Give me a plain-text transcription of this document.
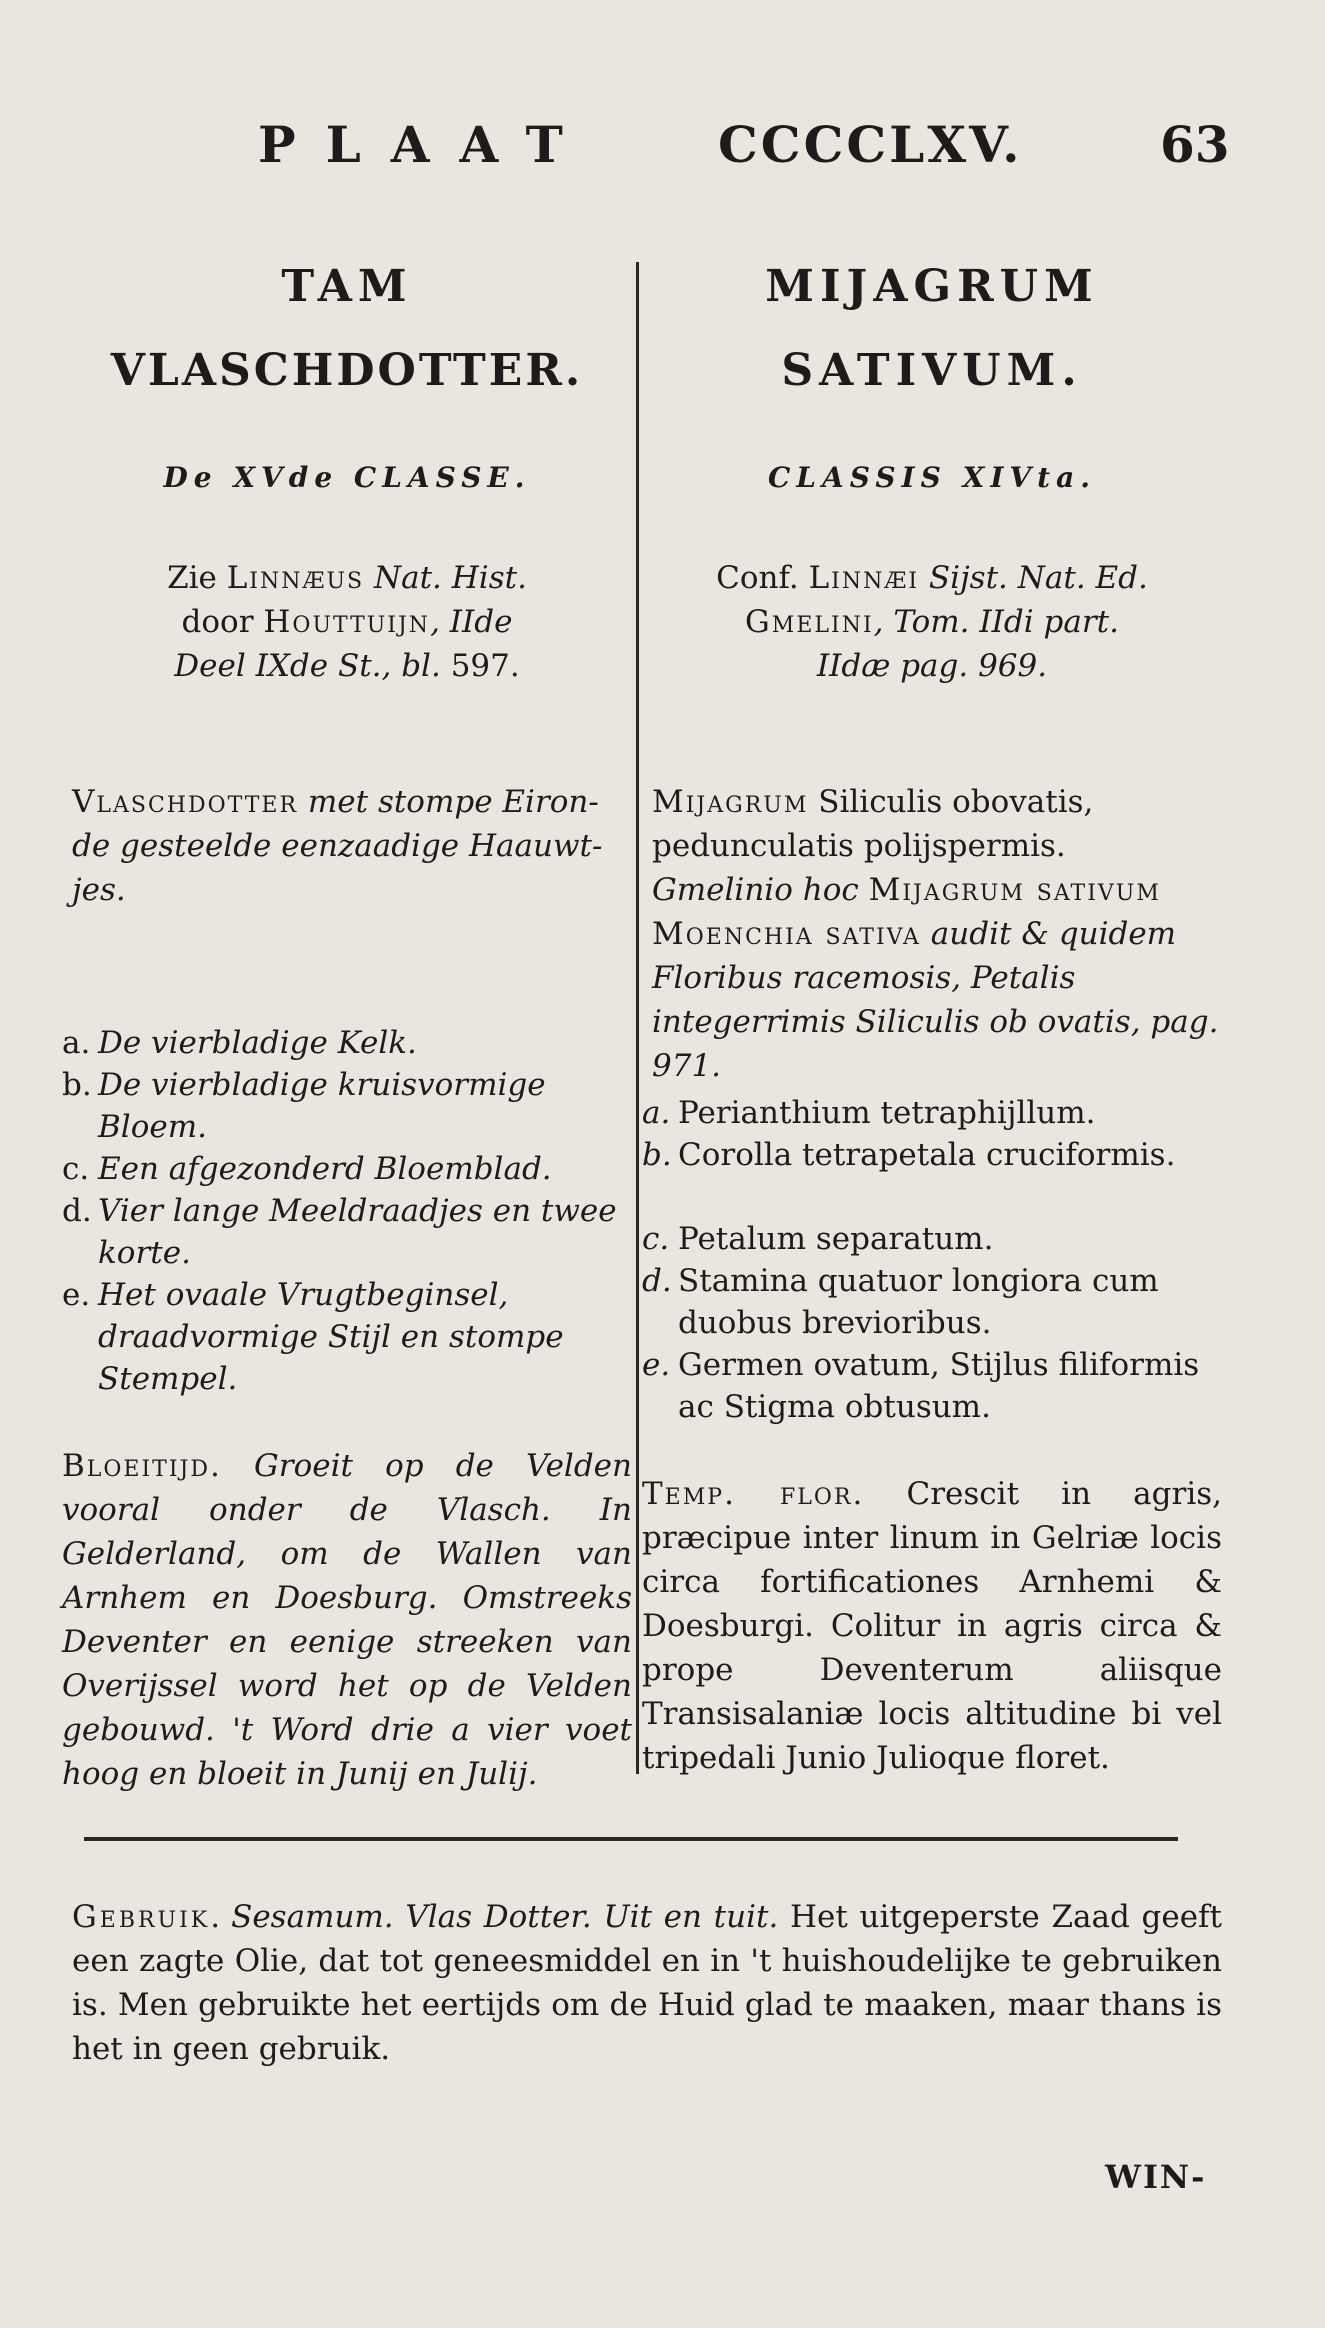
PLAAT	CCCCLXV.	63
TAM
VLASCHDOTTER.
De XVde CLASSE.
Zie Linnæus Nat. Hist.
door Houttuijn, IIde
Deel IXde St., bl. 597.
Vlaschdotter met stompe Eiron-
de gesteelde eenzaadige Haauwt-
jes.
a. De vierbladige Kelk.
b. De vierbladige kruisvormige Bloem.
c. Een afgezonderd Bloemblad.
d. Vier lange Meeldraadjes en twee korte.
e. Het ovaale Vrugtbeginsel, draadvormige Stijl en stompe Stempel.
Bloeitijd. Groeit op de Velden vooral onder de Vlasch. In Gelderland, om de Wallen van Arnhem en Doesburg. Omstreeks Deventer en eenige streeken van Overijssel word het op de Velden gebouwd. 't Word drie a vier voet hoog en bloeit in Junij en Julij.
MIJAGRUM
SATIVUM.
CLASSIS XIVta.
Conf. Linnæi Sijst. Nat. Ed.
Gmelini, Tom. IIdi part.
IIdæ pag. 969.
Mijagrum Siliculis obovatis, pedunculatis polijspermis.
Gmelinio hoc Mijagrum sativum Moenchia sativa audit & quidem Floribus racemosis, Petalis integerrimis Siliculis ob ovatis, pag. 971.
a. Perianthium tetraphijllum.
b. Corolla tetrapetala cruciformis.
c. Petalum separatum.
d. Stamina quatuor longiora cum duobus brevioribus.
e. Germen ovatum, Stijlus filiformis ac Stigma obtusum.
Temp. flor. Crescit in agris, præcipue inter linum in Gelriæ locis circa fortificationes Arnhemi & Doesburgi. Colitur in agris circa & prope Deventerum aliisque Transisalaniæ locis altitudine bi vel tripedali Junio Julioque floret.
Gebruik. Sesamum. Vlas Dotter. Uit en tuit. Het uitgeperste Zaad geeft een zagte Olie, dat tot geneesmiddel en in 't huishoudelijke te gebruiken is. Men gebruikte het eertijds om de Huid glad te maaken, maar thans is het in geen gebruik.
WIN-
